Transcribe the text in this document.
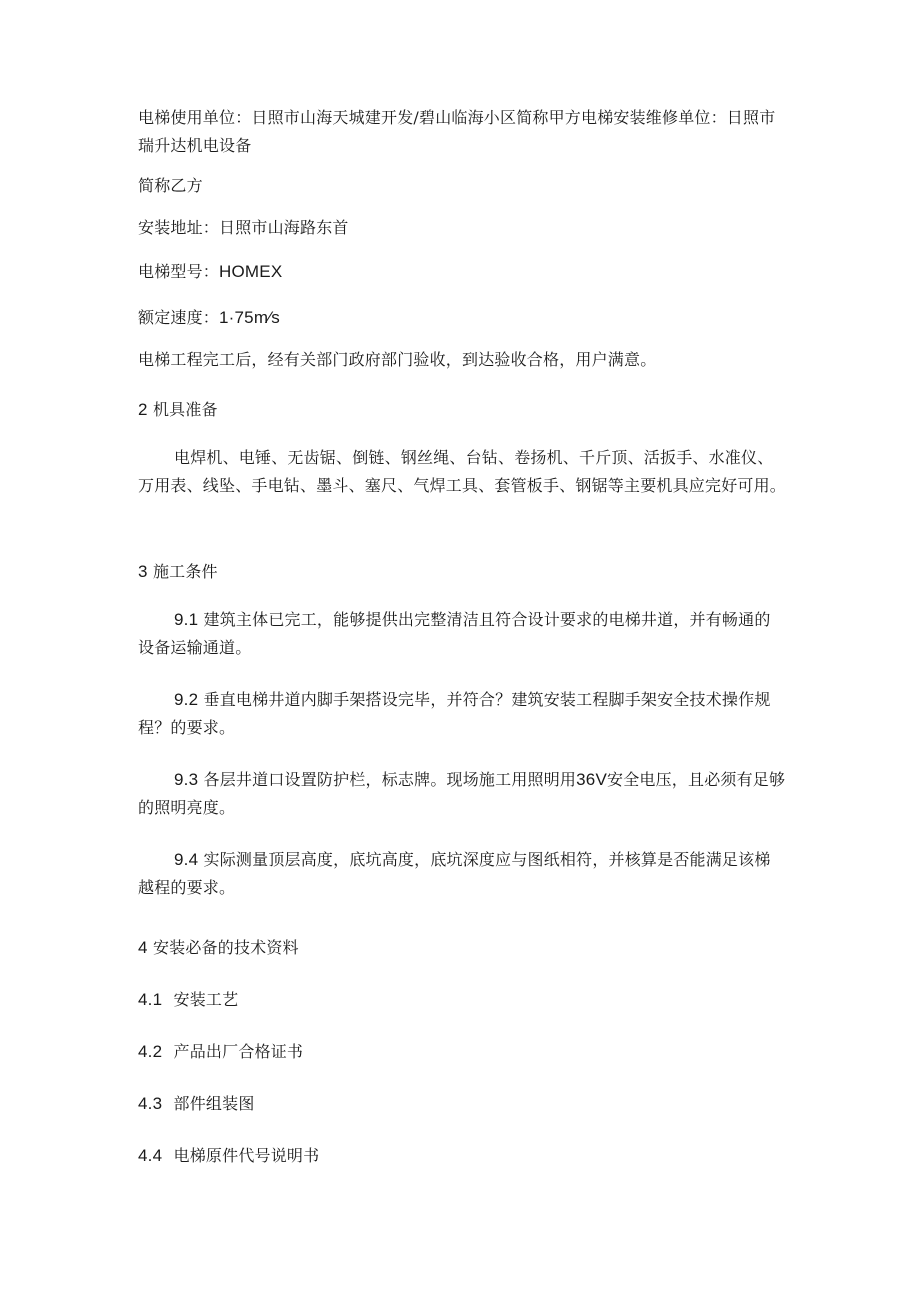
电梯使用单位：日照市山海天城建开发/碧山临海小区简称甲方电梯安装维修单位：日照市瑞升达机电设备

简称乙方

安装地址：日照市山海路东首

电梯型号：HOMEX

额定速度：1·75m⁄s

电梯工程完工后，经有关部门政府部门验收，到达验收合格，用户满意。

2 机具准备

电焊机、电锤、无齿锯、倒链、钢丝绳、台钻、卷扬机、千斤顶、活扳手、水准仪、万用表、线坠、手电钻、墨斗、塞尺、气焊工具、套管板手、钢锯等主要机具应完好可用。

3 施工条件

9.1 建筑主体已完工，能够提供出完整清洁且符合设计要求的电梯井道，并有畅通的设备运输通道。

9.2 垂直电梯井道内脚手架搭设完毕，并符合？建筑安装工程脚手架安全技术操作规程？的要求。

9.3 各层井道口设置防护栏，标志牌。现场施工用照明用36V安全电压，且必须有足够的照明亮度。

9.4 实际测量顶层高度，底坑高度，底坑深度应与图纸相符，并核算是否能满足该梯越程的要求。

4 安装必备的技术资料

4.1 安装工艺

4.2 产品出厂合格证书

4.3 部件组装图

4.4 电梯原件代号说明书
